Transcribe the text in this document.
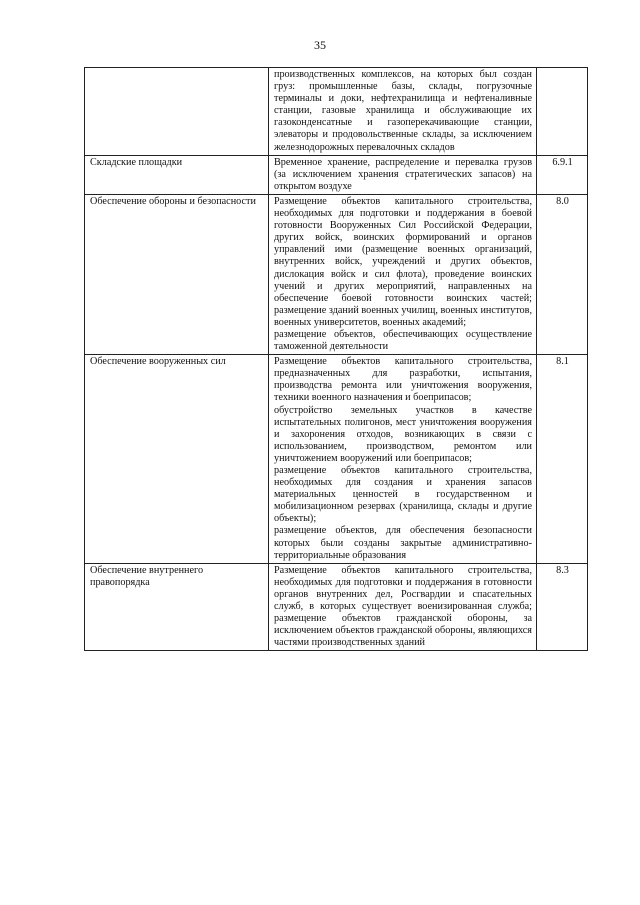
35

	производственных комплексов, на которых был создан груз: промышленные базы, склады, погрузочные терминалы и доки, нефтехранилища и нефтеналивные станции, газовые хранилища и обслуживающие их газоконденсатные и газоперекачивающие станции, элеваторы и продовольственные склады, за исключением железнодорожных перевалочных складов	

Складские площадки	Временное хранение, распределение и перевалка грузов (за исключением хранения стратегических запасов) на открытом воздухе	6.9.1
Обеспечение обороны и безопасности	Размещение объектов капитального строительства, необходимых для подготовки и поддержания в боевой готовности Вооруженных Сил Российской Федерации, других войск, воинских формирований и органов управлений ими (размещение военных организаций, внутренних войск, учреждений и других объектов, дислокация войск и сил флота), проведение воинских учений и других мероприятий, направленных на обеспечение боевой готовности воинских частей; размещение зданий военных училищ, военных институтов, военных университетов, военных академий;

размещение объектов, обеспечивающих осуществление таможенной деятельности	8.0
Обеспечение вооруженных сил	Размещение объектов капитального строительства, предназначенных для разработки, испытания, производства ремонта или уничтожения вооружения, техники военного назначения и боеприпасов;

обустройство земельных участков в качестве испытательных полигонов, мест уничтожения вооружения и захоронения отходов, возникающих в связи с использованием, производством, ремонтом или уничтожением вооружений или боеприпасов;

размещение объектов капитального строительства, необходимых для создания и хранения запасов материальных ценностей в государственном и мобилизационном резервах (хранилища, склады и другие объекты);

размещение объектов, для обеспечения безопасности которых были созданы закрытые административно-территориальные образования	8.1
Обеспечение внутреннего правопорядка	Размещение объектов капитального строительства, необходимых для подготовки и поддержания в готовности органов внутренних дел, Росгвардии и спасательных служб, в которых существует военизированная служба; размещение объектов гражданской обороны, за исключением объектов гражданской обороны, являющихся частями производственных зданий	8.3
